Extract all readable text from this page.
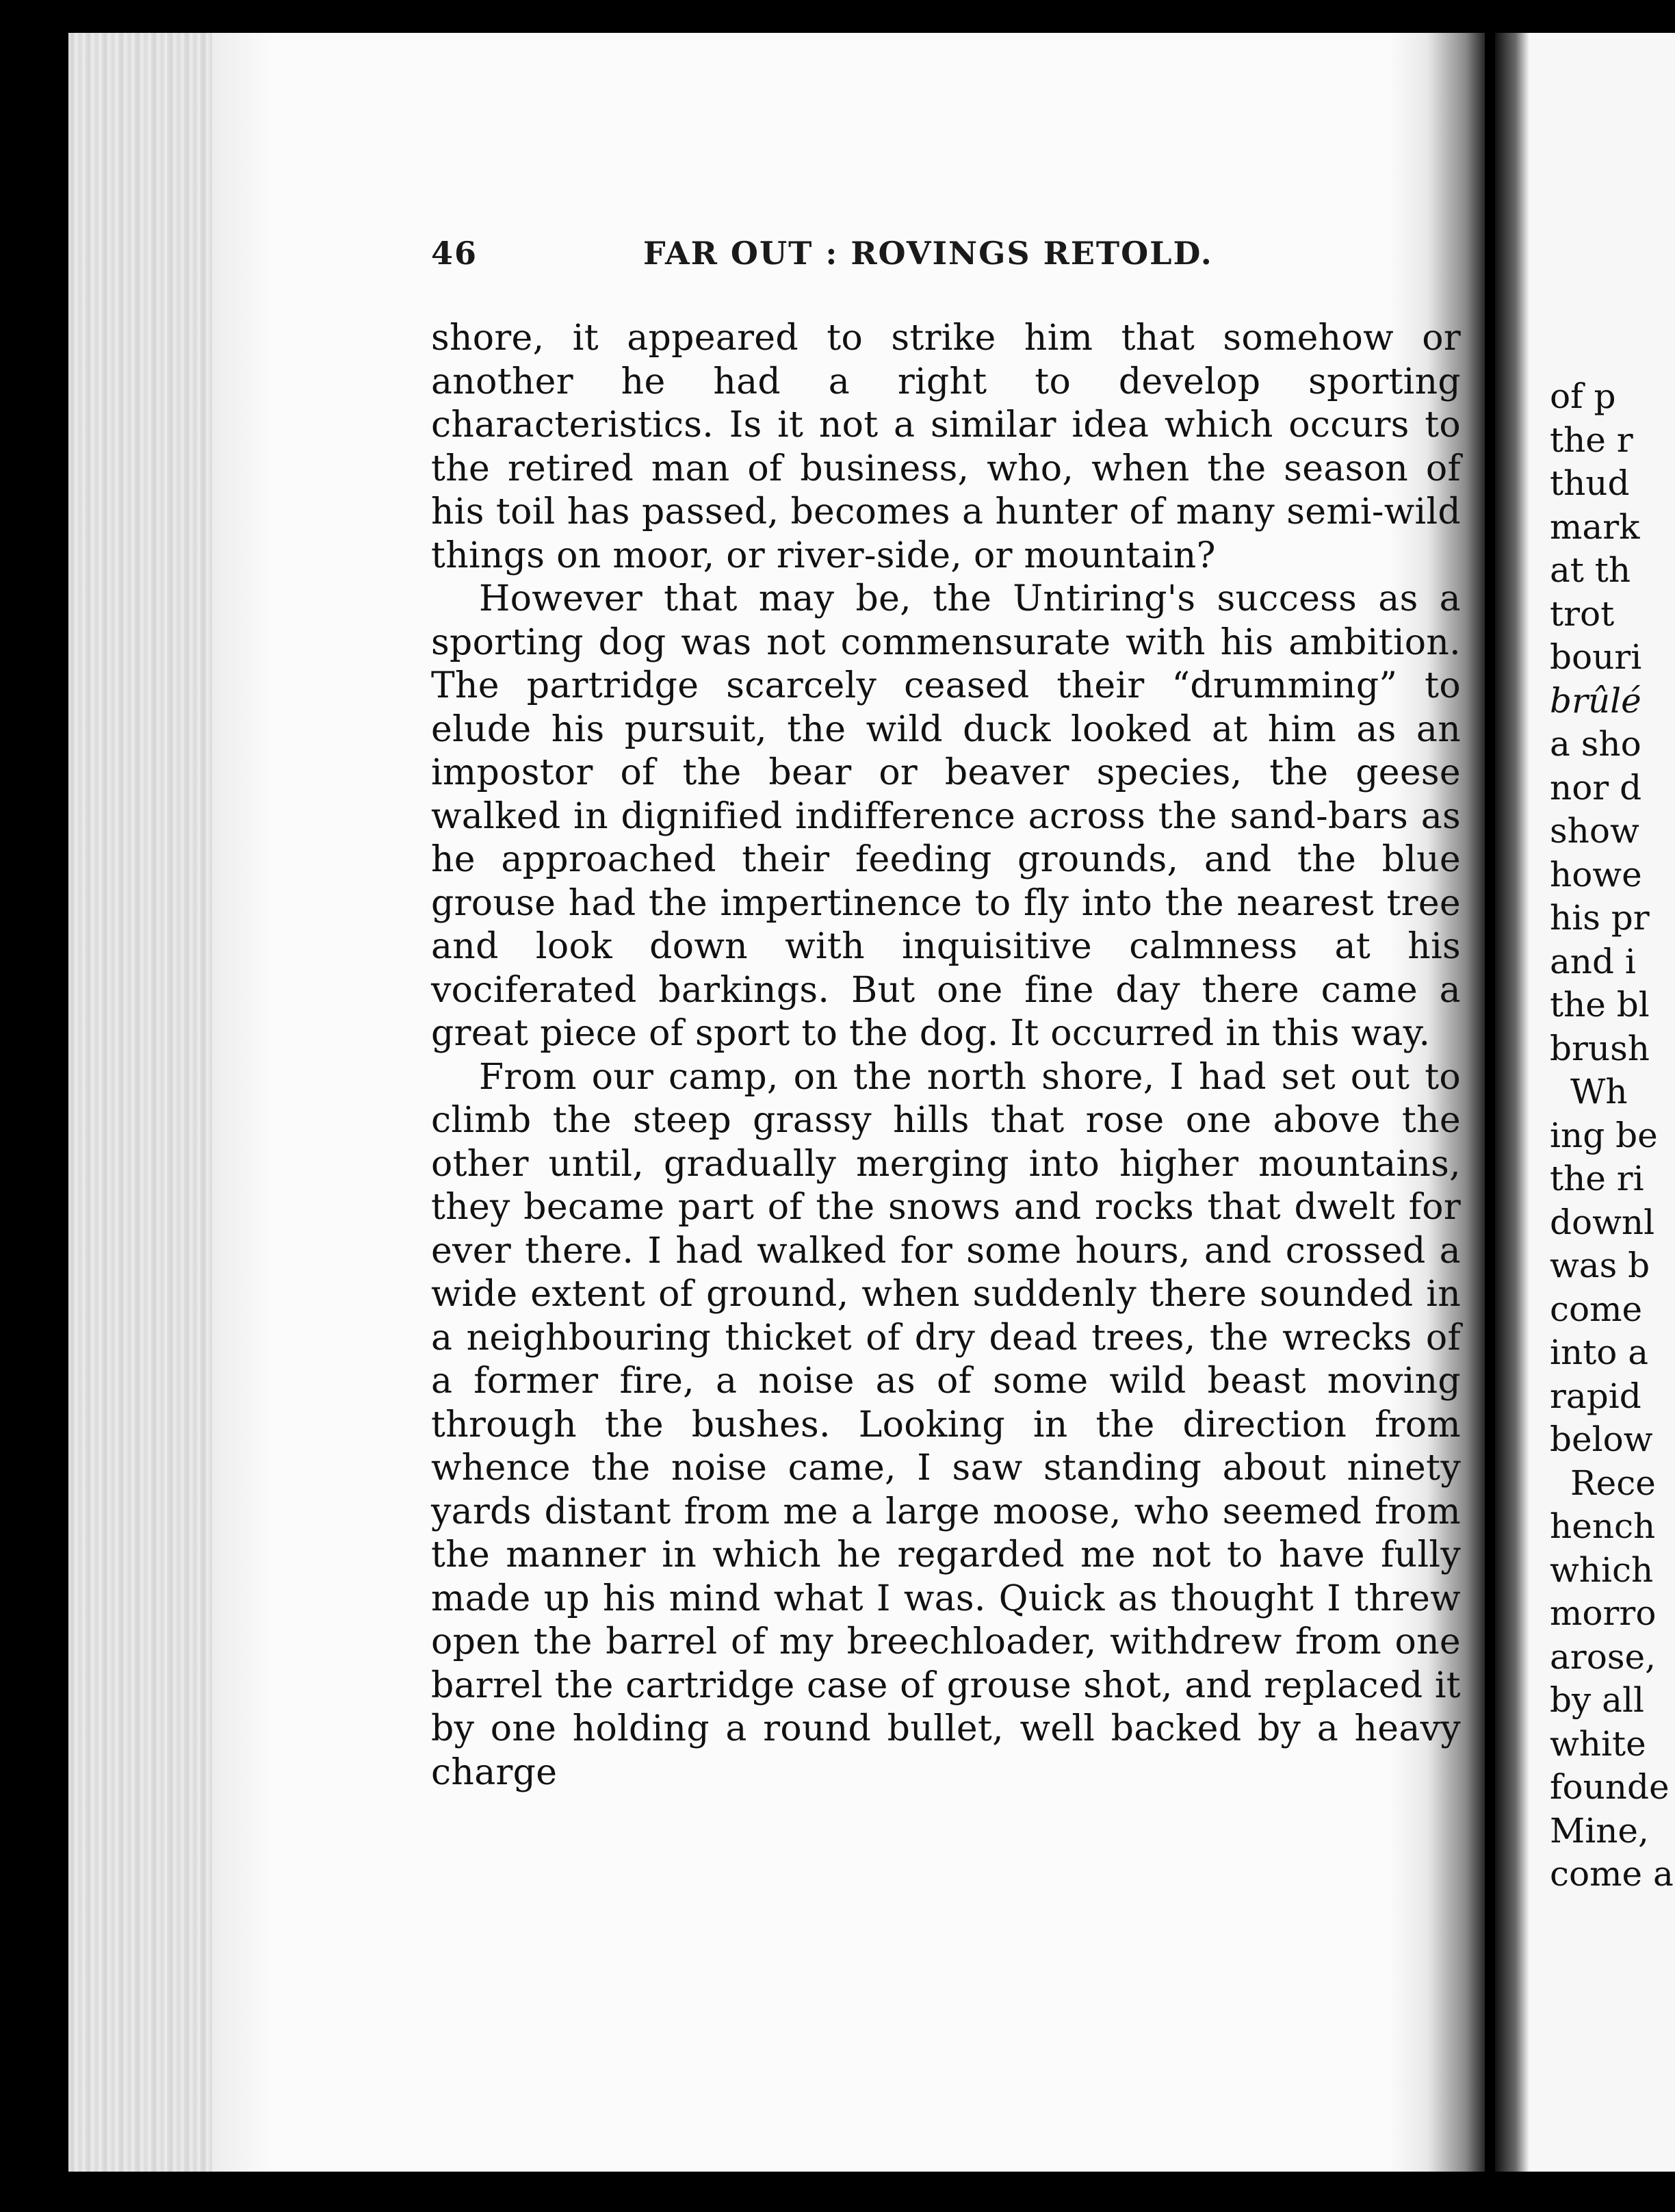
46	FAR OUT : ROVINGS RETOLD.

shore, it appeared to strike him that somehow or another he had a right to develop sporting characteristics. Is it not a similar idea which occurs to the retired man of business, who, when the season of his toil has passed, becomes a hunter of many semi-wild things on moor, or river-side, or mountain?

However that may be, the Untiring's success as a sporting dog was not commensurate with his ambition. The partridge scarcely ceased their “drumming” to elude his pursuit, the wild duck looked at him as an impostor of the bear or beaver species, the geese walked in dignified indifference across the sand-bars as he approached their feeding grounds, and the blue grouse had the impertinence to fly into the nearest tree and look down with inquisitive calmness at his vociferated barkings. But one fine day there came a great piece of sport to the dog. It occurred in this way.

From our camp, on the north shore, I had set out to climb the steep grassy hills that rose one above the other until, gradually merging into higher mountains, they became part of the snows and rocks that dwelt for ever there. I had walked for some hours, and crossed a wide extent of ground, when suddenly there sounded in a neighbouring thicket of dry dead trees, the wrecks of a former fire, a noise as of some wild beast moving through the bushes. Looking in the direction from whence the noise came, I saw standing about ninety yards distant from me a large moose, who seemed from the manner in which he regarded me not to have fully made up his mind what I was. Quick as thought I threw open the barrel of my breechloader, withdrew from one barrel the cartridge case of grouse shot, and replaced it by one holding a round bullet, well backed by a heavy charge

of p
the r
thud
mark
at th
trot
bouri
brûlé
a sho
nor d
show
howe
his pr
and i
the bl
brush
Wh
ing be
the ri
downl
was b
come
into a
rapid
below
Rece
hench
which
morro
arose,
by all
white
founde
Mine,
come a
